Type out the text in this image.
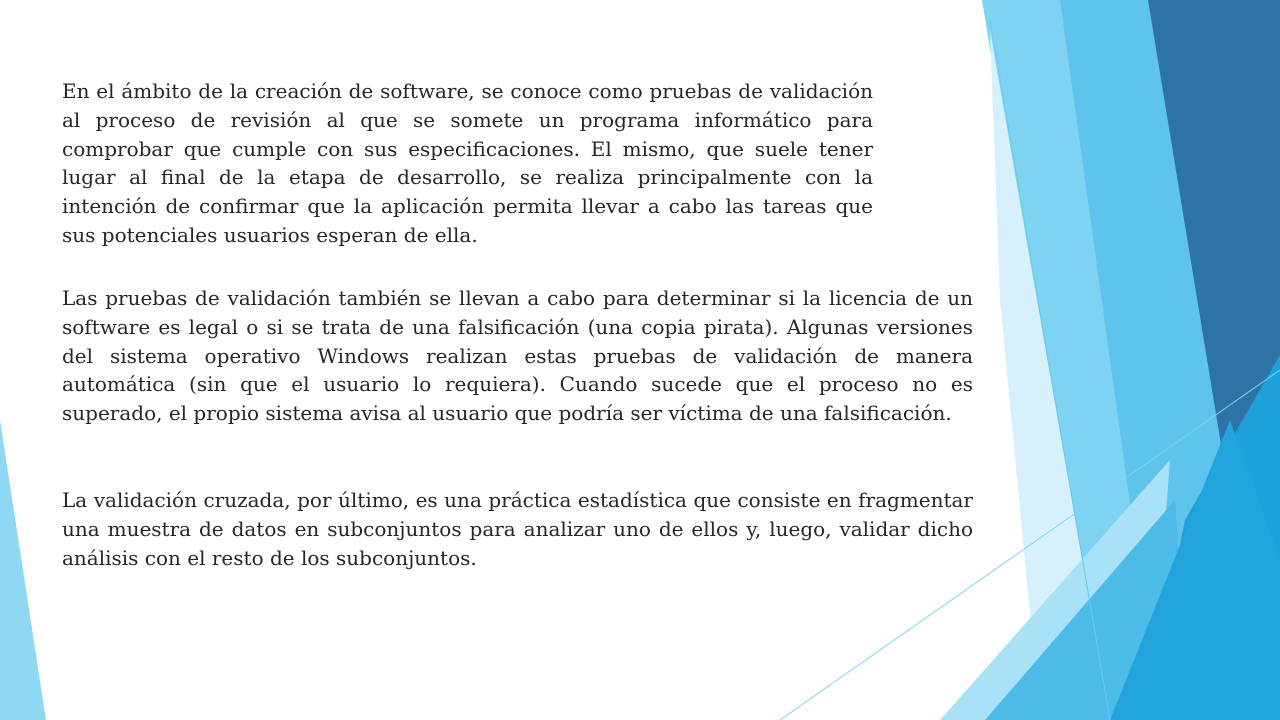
En el ámbito de la creación de software, se conoce como pruebas de validación al proceso de revisión al que se somete un programa informático para comprobar que cumple con sus especificaciones. El mismo, que suele tener lugar al final de la etapa de desarrollo, se realiza principalmente con la intención de confirmar que la aplicación permita llevar a cabo las tareas que sus potenciales usuarios esperan de ella.

Las pruebas de validación también se llevan a cabo para determinar si la licencia de un software es legal o si se trata de una falsificación (una copia pirata). Algunas versiones del sistema operativo Windows realizan estas pruebas de validación de manera automática (sin que el usuario lo requiera). Cuando sucede que el proceso no es superado, el propio sistema avisa al usuario que podría ser víctima de una falsificación.

La validación cruzada, por último, es una práctica estadística que consiste en fragmentar una muestra de datos en subconjuntos para analizar uno de ellos y, luego, validar dicho análisis con el resto de los subconjuntos.
